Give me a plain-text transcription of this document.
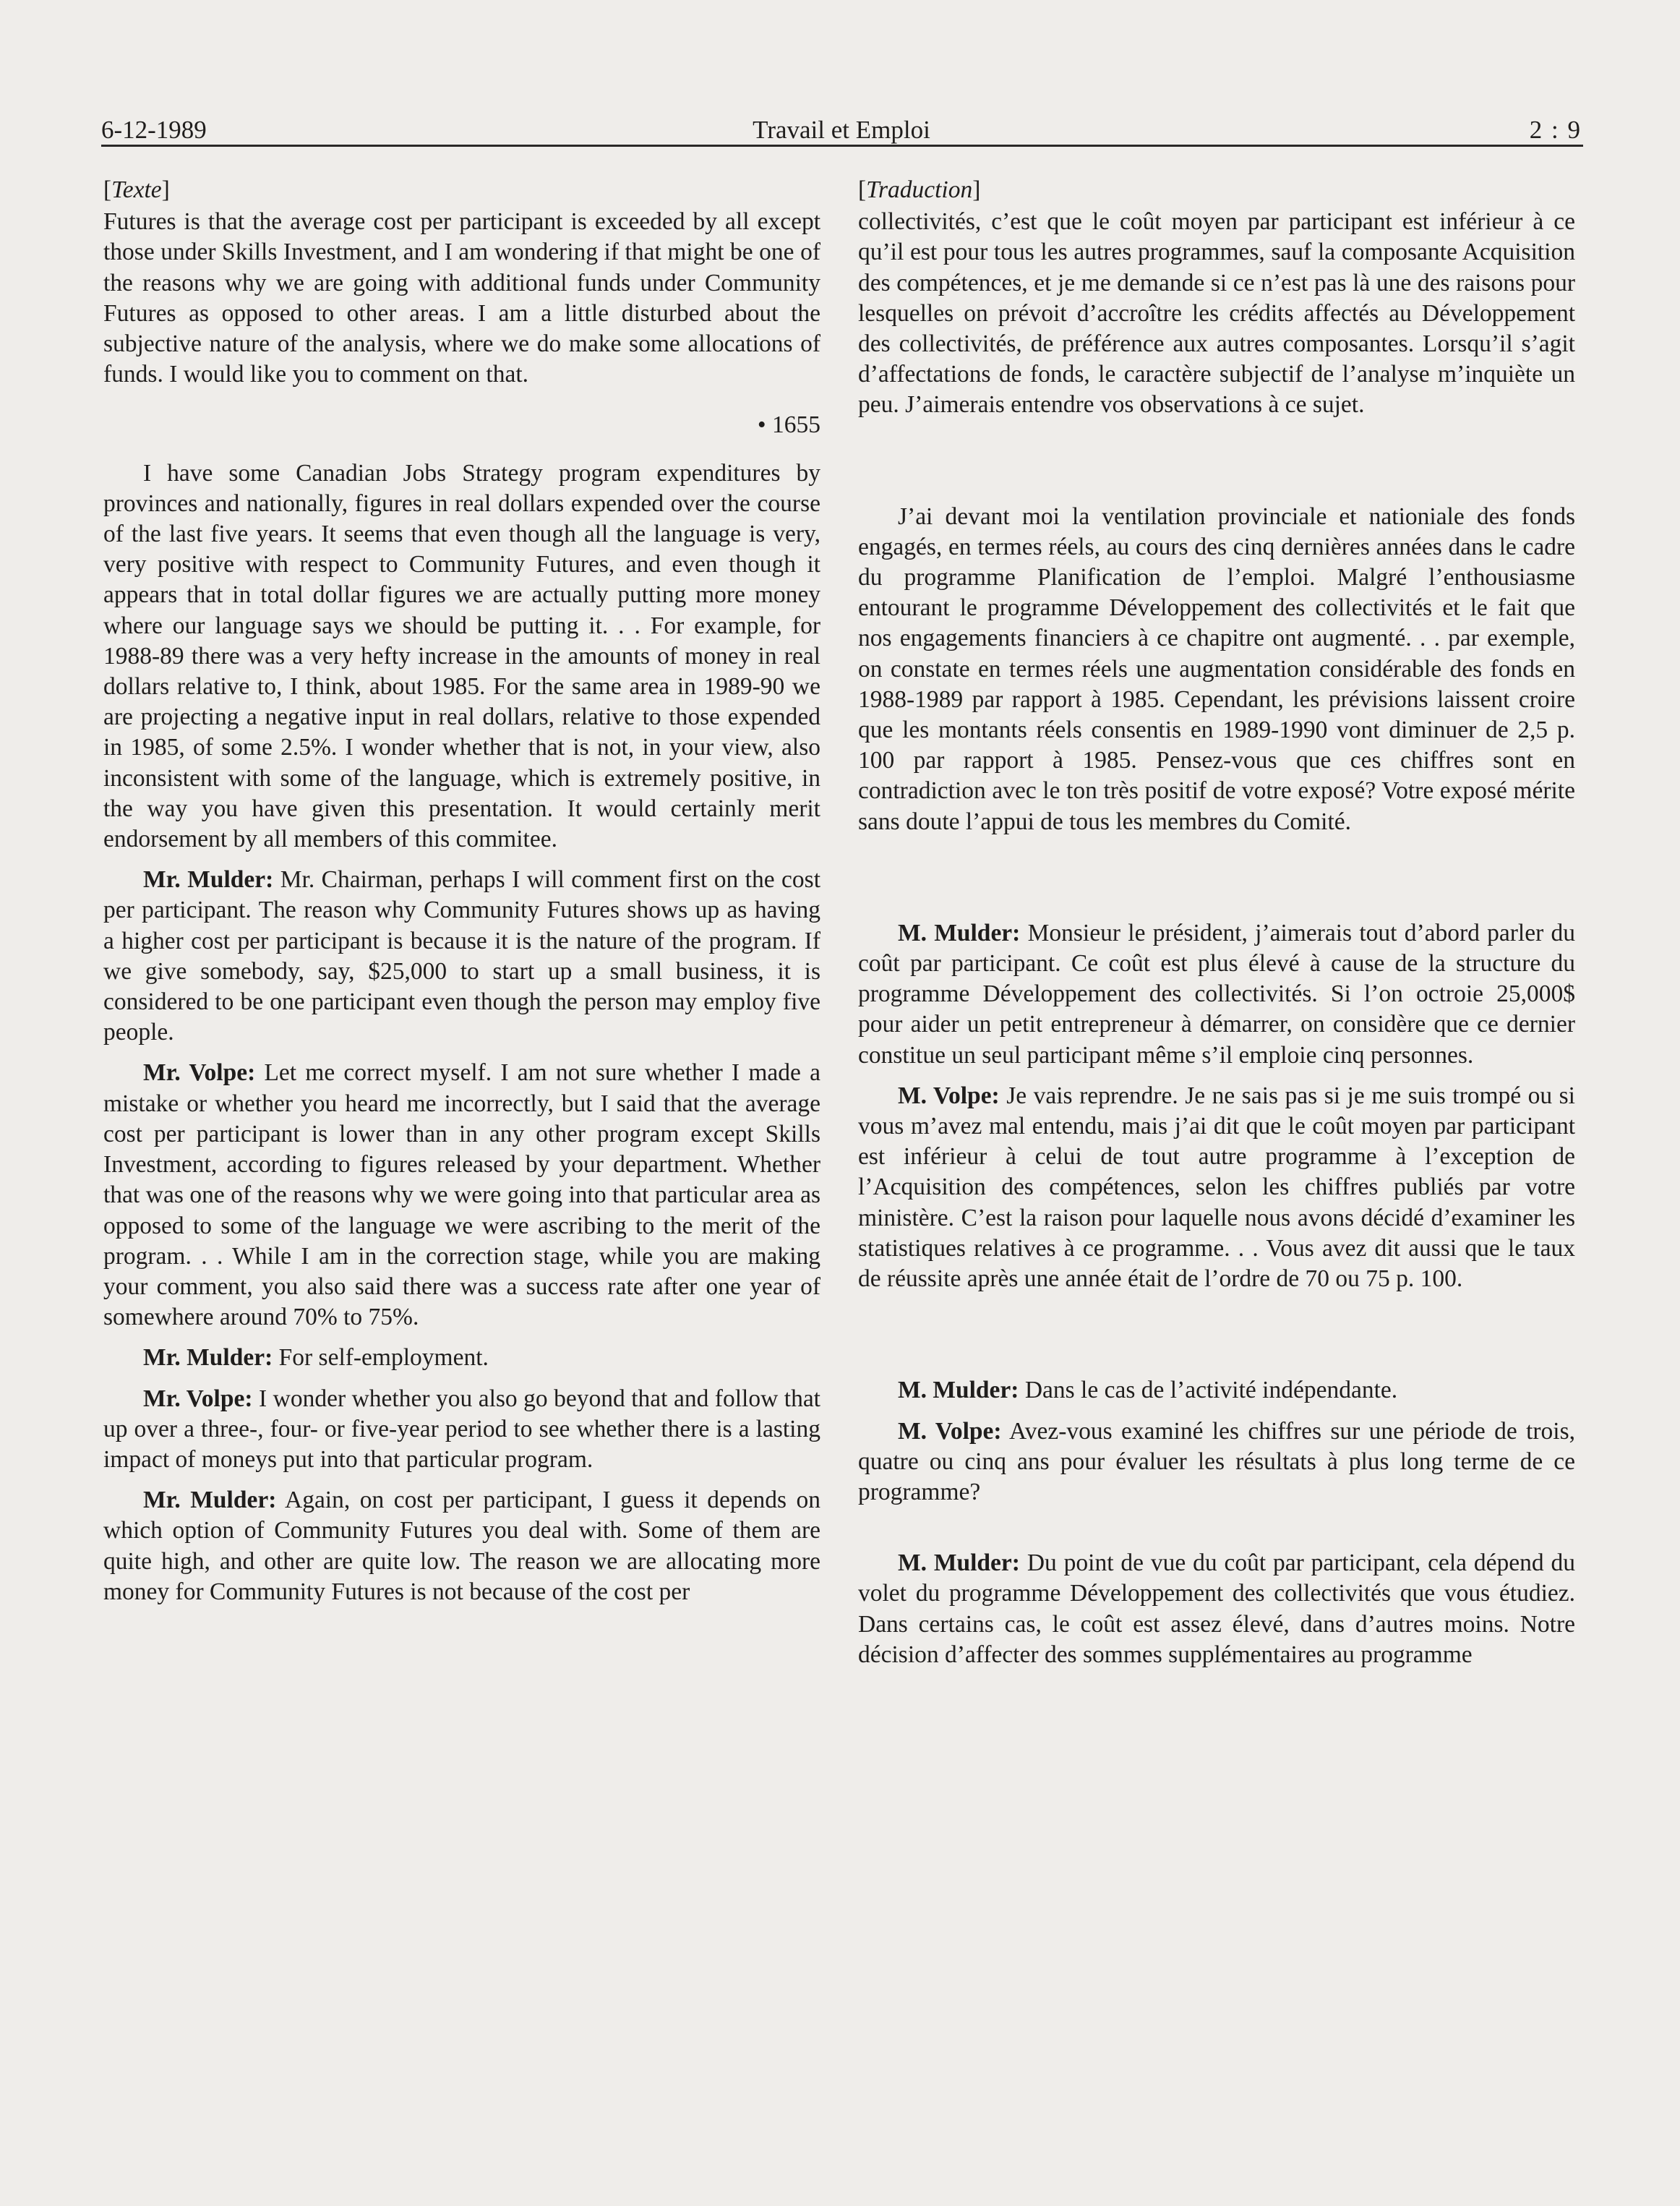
6-12-1989	Travail et Emploi	2 : 9

[Texte]

Futures is that the average cost per participant is exceeded by all except those under Skills Investment, and I am wondering if that might be one of the reasons why we are going with additional funds under Community Futures as opposed to other areas. I am a little disturbed about the subjective nature of the analysis, where we do make some allocations of funds. I would like you to comment on that.

• 1655

I have some Canadian Jobs Strategy program expenditures by provinces and nationally, figures in real dollars expended over the course of the last five years. It seems that even though all the language is very, very positive with respect to Community Futures, and even though it appears that in total dollar figures we are actually putting more money where our language says we should be putting it. . . For example, for 1988-89 there was a very hefty increase in the amounts of money in real dollars relative to, I think, about 1985. For the same area in 1989-90 we are projecting a negative input in real dollars, relative to those expended in 1985, of some 2.5%. I wonder whether that is not, in your view, also inconsistent with some of the language, which is extremely positive, in the way you have given this presentation. It would certainly merit endorsement by all members of this commitee.

Mr. Mulder: Mr. Chairman, perhaps I will comment first on the cost per participant. The reason why Community Futures shows up as having a higher cost per participant is because it is the nature of the program. If we give somebody, say, $25,000 to start up a small business, it is considered to be one participant even though the person may employ five people.

Mr. Volpe: Let me correct myself. I am not sure whether I made a mistake or whether you heard me incorrectly, but I said that the average cost per participant is lower than in any other program except Skills Investment, according to figures released by your department. Whether that was one of the reasons why we were going into that particular area as opposed to some of the language we were ascribing to the merit of the program. . . While I am in the correction stage, while you are making your comment, you also said there was a success rate after one year of somewhere around 70% to 75%.

Mr. Mulder: For self-employment.

Mr. Volpe: I wonder whether you also go beyond that and follow that up over a three-, four- or five-year period to see whether there is a lasting impact of moneys put into that particular program.

Mr. Mulder: Again, on cost per participant, I guess it depends on which option of Community Futures you deal with. Some of them are quite high, and other are quite low. The reason we are allocating more money for Community Futures is not because of the cost per

[Traduction]

collectivités, c’est que le coût moyen par participant est inférieur à ce qu’il est pour tous les autres programmes, sauf la composante Acquisition des compétences, et je me demande si ce n’est pas là une des raisons pour lesquelles on prévoit d’accroître les crédits affectés au Développement des collectivités, de préférence aux autres composantes. Lorsqu’il s’agit d’affectations de fonds, le caractère subjectif de l’analyse m’inquiète un peu. J’aimerais entendre vos observations à ce sujet.

J’ai devant moi la ventilation provinciale et nationiale des fonds engagés, en termes réels, au cours des cinq dernières années dans le cadre du programme Planification de l’emploi. Malgré l’enthousiasme entourant le programme Développement des collectivités et le fait que nos engagements financiers à ce chapitre ont augmenté. . . par exemple, on constate en termes réels une augmentation considérable des fonds en 1988-1989 par rapport à 1985. Cependant, les prévisions laissent croire que les montants réels consentis en 1989-1990 vont diminuer de 2,5 p. 100 par rapport à 1985. Pensez-vous que ces chiffres sont en contradiction avec le ton très positif de votre exposé? Votre exposé mérite sans doute l’appui de tous les membres du Comité.

M. Mulder: Monsieur le président, j’aimerais tout d’abord parler du coût par participant. Ce coût est plus élevé à cause de la structure du programme Développement des collectivités. Si l’on octroie 25,000$ pour aider un petit entrepreneur à démarrer, on considère que ce dernier constitue un seul participant même s’il emploie cinq personnes.

M. Volpe: Je vais reprendre. Je ne sais pas si je me suis trompé ou si vous m’avez mal entendu, mais j’ai dit que le coût moyen par participant est inférieur à celui de tout autre programme à l’exception de l’Acquisition des compétences, selon les chiffres publiés par votre ministère. C’est la raison pour laquelle nous avons décidé d’examiner les statistiques relatives à ce programme. . . Vous avez dit aussi que le taux de réussite après une année était de l’ordre de 70 ou 75 p. 100.

M. Mulder: Dans le cas de l’activité indépendante.

M. Volpe: Avez-vous examiné les chiffres sur une période de trois, quatre ou cinq ans pour évaluer les résultats à plus long terme de ce programme?

M. Mulder: Du point de vue du coût par participant, cela dépend du volet du programme Développement des collectivités que vous étudiez. Dans certains cas, le coût est assez élevé, dans d’autres moins. Notre décision d’affecter des sommes supplémentaires au programme
